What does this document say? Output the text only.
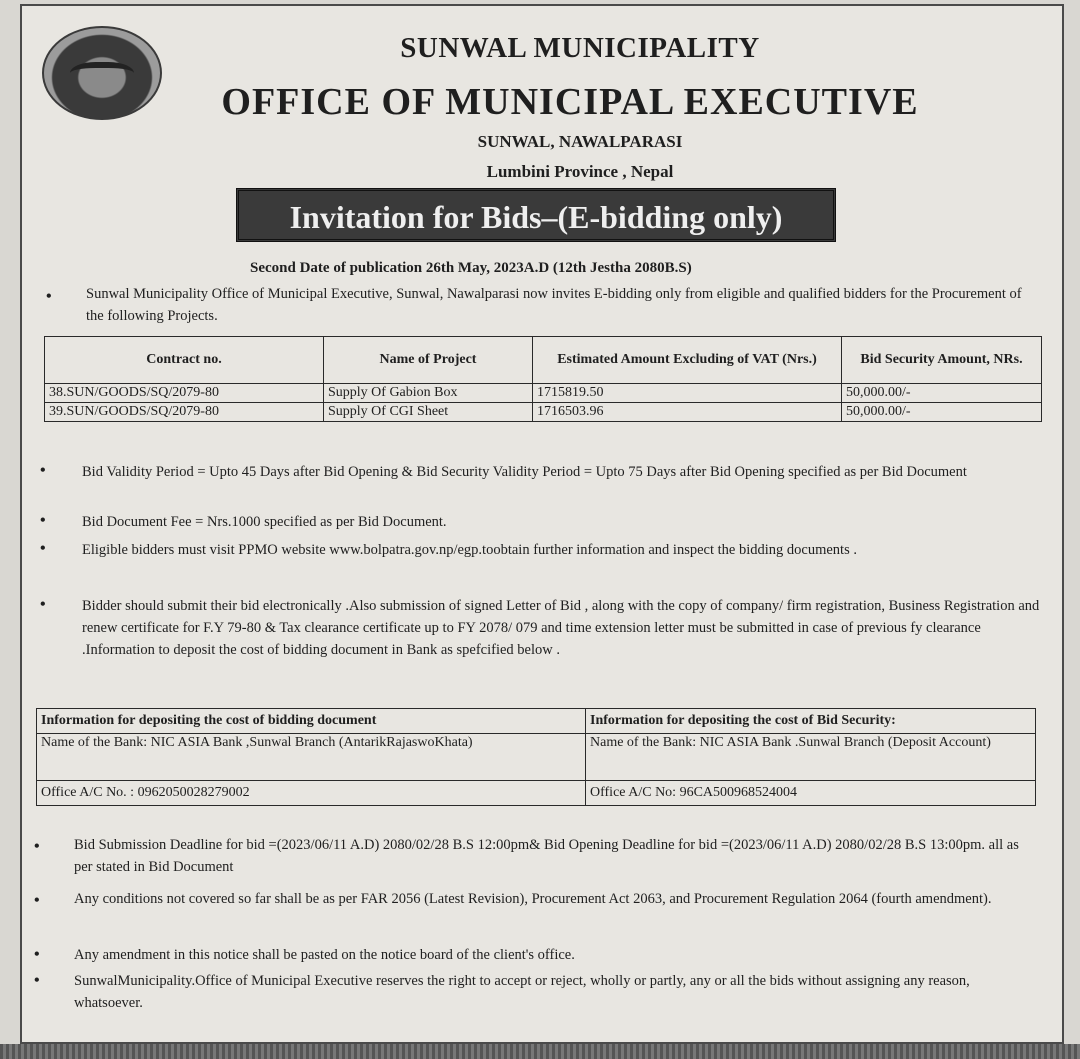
SUNWAL MUNICIPALITY
OFFICE OF MUNICIPAL EXECUTIVE
SUNWAL, NAWALPARASI
Lumbini Province , Nepal
Invitation for Bids–(E-bidding only)
Second Date of publication 26th May, 2023A.D (12th Jestha 2080B.S)
• Sunwal Municipality Office of Municipal Executive, Sunwal, Nawalparasi now invites E-bidding only from eligible and qualified bidders for the Procurement of the following Projects.
Contract no.	Name of Project	Estimated Amount Excluding of VAT (Nrs.)	Bid Security Amount, NRs.
38.SUN/GOODS/SQ/2079-80	Supply Of Gabion Box	1715819.50	50,000.00/-
39.SUN/GOODS/SQ/2079-80	Supply Of CGI Sheet	1716503.96	50,000.00/-
•	Bid Validity Period = Upto 45 Days after Bid Opening & Bid Security Validity Period = Upto 75 Days after Bid Opening specified as per Bid Document
•	Bid Document Fee = Nrs.1000 specified as per Bid Document.
•	Eligible bidders must visit PPMO website www.bolpatra.gov.np/egp.toobtain further information and inspect the bidding documents .
•	Bidder should submit their bid electronically .Also submission of signed Letter of Bid , along with the copy of company/ firm registration, Business Registration and renew certificate for F.Y 79-80 & Tax clearance certificate up to FY 2078/ 079 and time extension letter must be submitted in case of previous fy clearance .Information to deposit the cost of bidding document in Bank as spefcified below .
Information for depositing the cost of bidding document	Information for depositing the cost of Bid Security:
Name of the Bank: NIC ASIA Bank ,Sunwal Branch (AntarikRajaswoKhata)	Name of the Bank: NIC ASIA Bank .Sunwal Branch (Deposit Account)
Office A/C No. : 0962050028279002	Office A/C No: 96CA500968524004
• Bid Submission Deadline for bid =(2023/06/11 A.D) 2080/02/28 B.S 12:00pm& Bid Opening Deadline for bid =(2023/06/11 A.D) 2080/02/28 B.S 13:00pm. all as per stated in Bid Document
• Any conditions not covered so far shall be as per FAR 2056 (Latest Revision), Procurement Act 2063, and Procurement Regulation 2064 (fourth amendment).
• Any amendment in this notice shall be pasted on the notice board of the client's office.
• SunwalMunicipality.Office of Municipal Executive reserves the right to accept or reject, wholly or partly, any or all the bids without assigning any reason, whatsoever.
